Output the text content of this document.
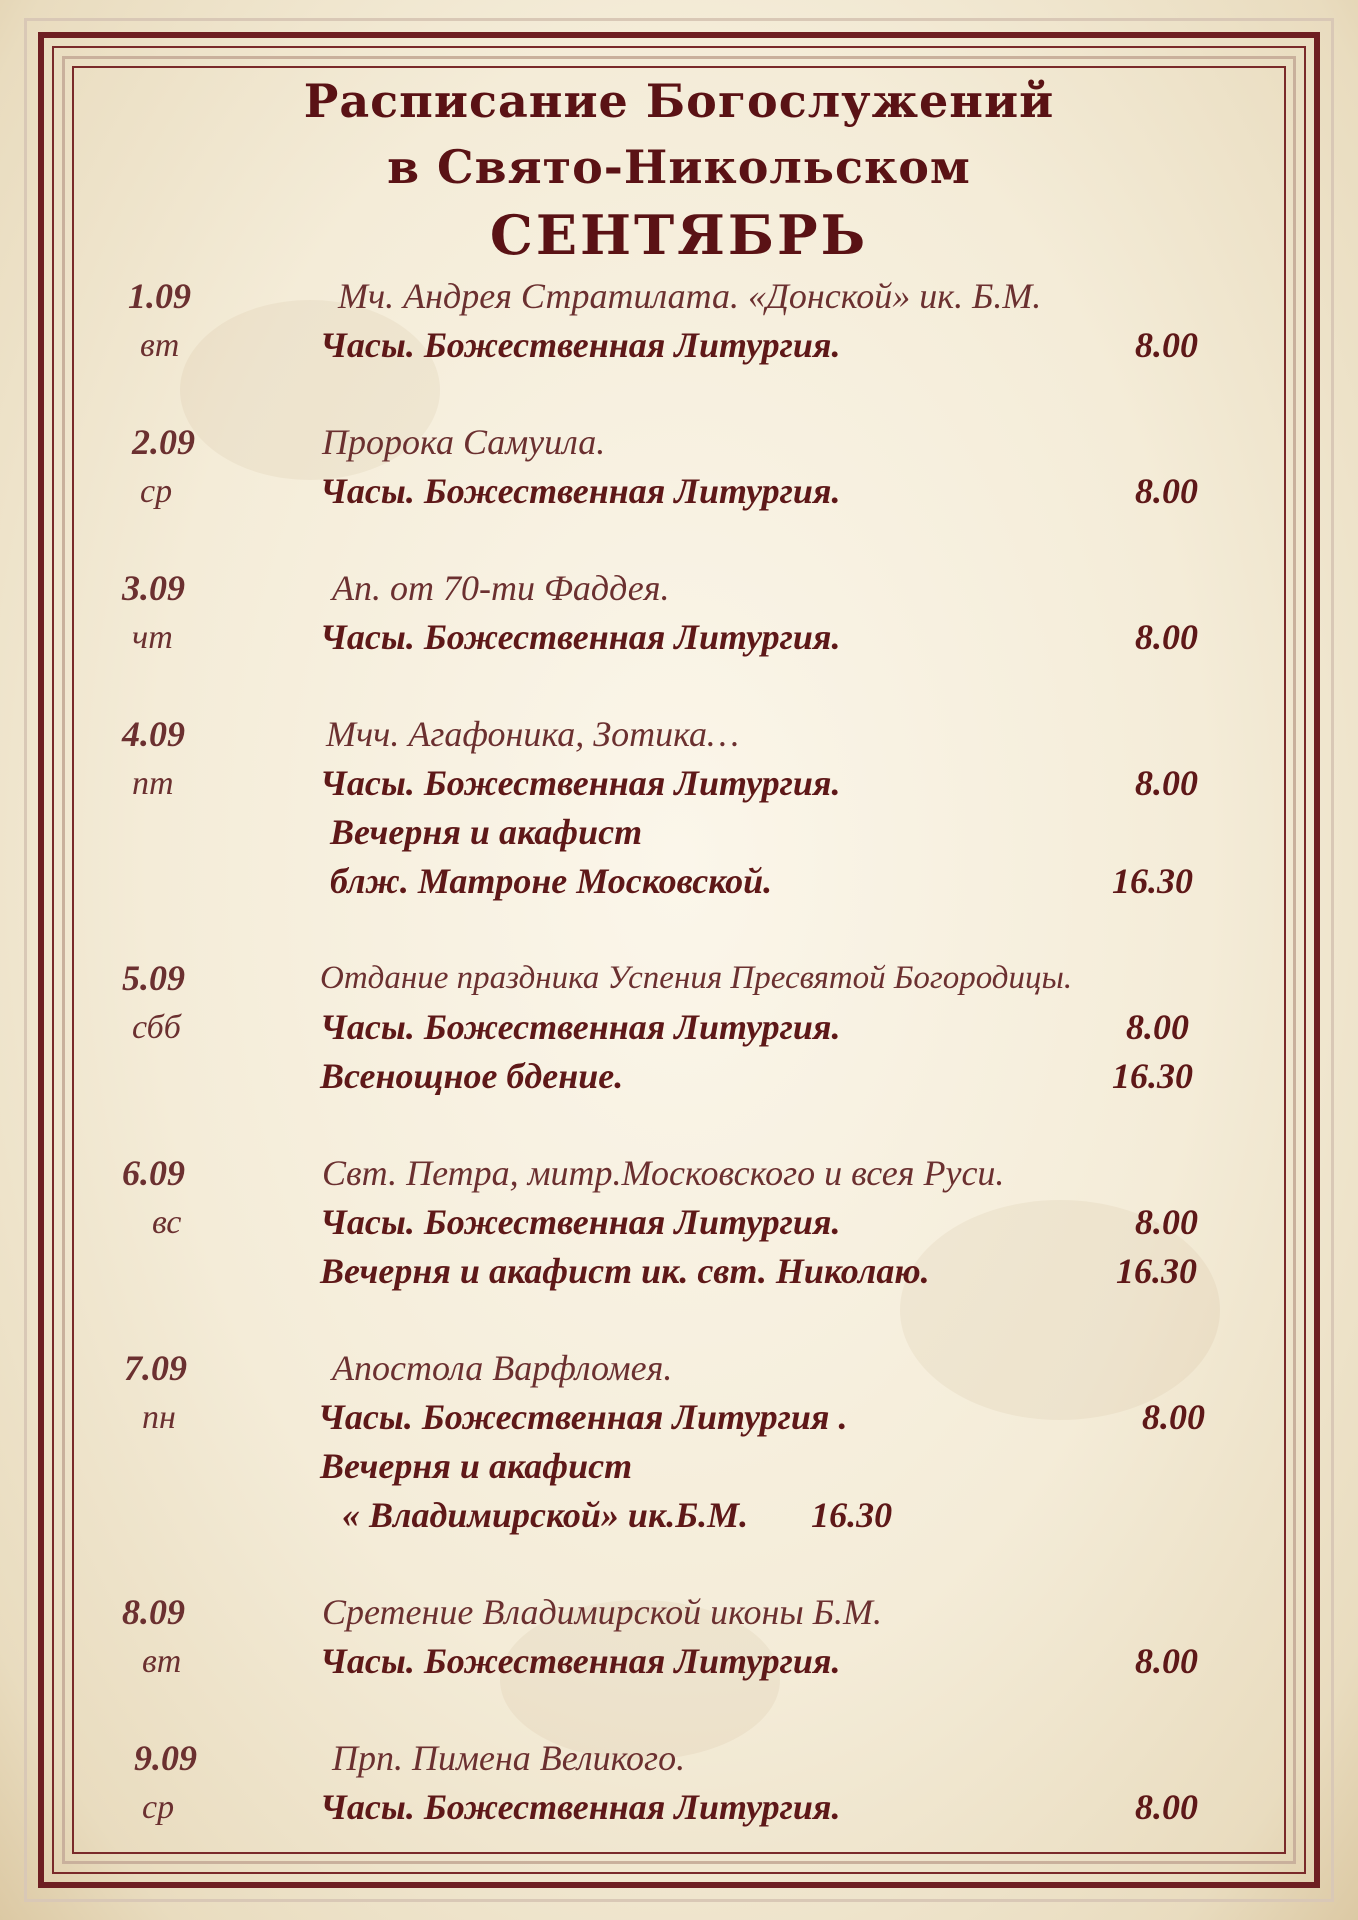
Расписание Богослужений
в Свято-Никольском
СЕНТЯБРЬ
1.09	Мч. Андрея Стратилата. «Донской» ик. Б.М.
вт	Часы. Божественная Литургия.	8.00
2.09	Пророка Самуила.
ср	Часы. Божественная Литургия.	8.00
3.09	Ап. от 70-ти Фаддея.
чт	Часы. Божественная Литургия.	8.00
4.09	Мчч. Агафоника, Зотика…
пт	Часы. Божественная Литургия.	8.00
Вечерня и акафист
блж. Матроне Московской.	16.30
5.09	Отдание праздника Успения Пресвятой Богородицы.
сбб	Часы. Божественная Литургия.	8.00
Всенощное бдение.	16.30
6.09	Свт. Петра, митр.Московского и всея Руси.
вс	Часы. Божественная Литургия.	8.00
Вечерня и акафист ик. свт. Николаю.	16.30
7.09	Апостола Варфломея.
пн	Часы. Божественная Литургия .	8.00
Вечерня и акафист
« Владимирской» ик.Б.М.       16.30
8.09	Сретение Владимирской иконы Б.М.
вт	Часы. Божественная Литургия.	8.00
9.09	Прп. Пимена Великого.
ср	Часы. Божественная Литургия.	8.00
